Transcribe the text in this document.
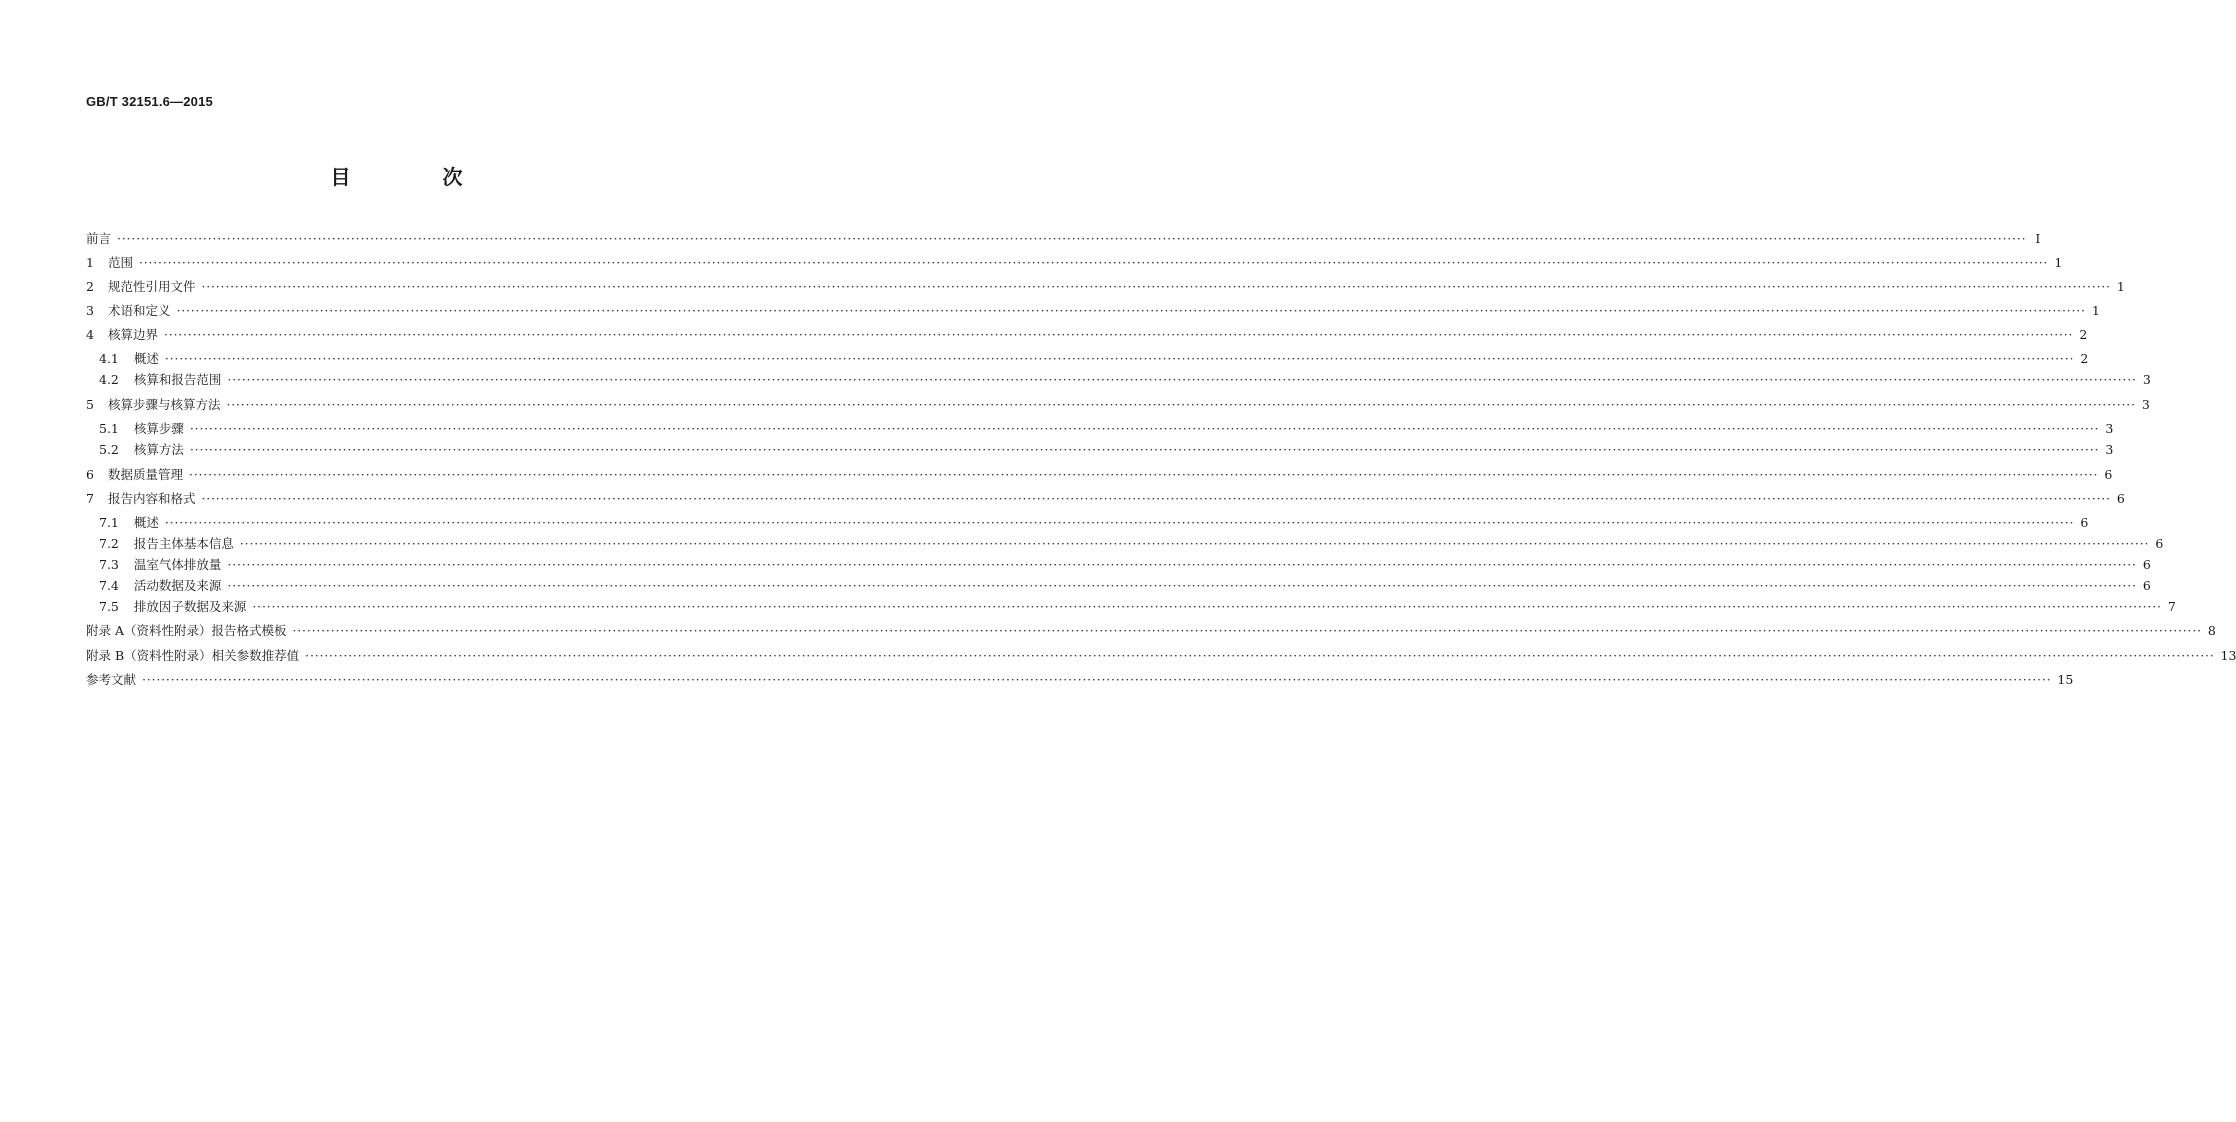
GB/T 32151.6—2015
目　次
前言 ················································································································································································································································································································································································································ Ⅰ
1 范围 ················································································································································································································································································································································································································ 1
2 规范性引用文件 ················································································································································································································································································································································································································ 1
3 术语和定义 ················································································································································································································································································································································································································ 1
4 核算边界 ················································································································································································································································································································································································································ 2
4.1 概述 ················································································································································································································································································································································································································ 2
4.2 核算和报告范围 ················································································································································································································································································································································································································ 3
5 核算步骤与核算方法 ················································································································································································································································································································································································································ 3
5.1 核算步骤 ················································································································································································································································································································································································································ 3
5.2 核算方法 ················································································································································································································································································································································································································ 3
6 数据质量管理 ················································································································································································································································································································································································································ 6
7 报告内容和格式 ················································································································································································································································································································································································································ 6
7.1 概述 ················································································································································································································································································································································································································ 6
7.2 报告主体基本信息 ················································································································································································································································································································································································································ 6
7.3 温室气体排放量 ················································································································································································································································································································································································································ 6
7.4 活动数据及来源 ················································································································································································································································································································································································································ 6
7.5 排放因子数据及来源 ················································································································································································································································································································································································································ 7
附录 A（资料性附录）报告格式模板 ················································································································································································································································································································································································································ 8
附录 B（资料性附录）相关参数推荐值 ················································································································································································································································································································································································································ 13
参考文献 ················································································································································································································································································································································································································ 15
